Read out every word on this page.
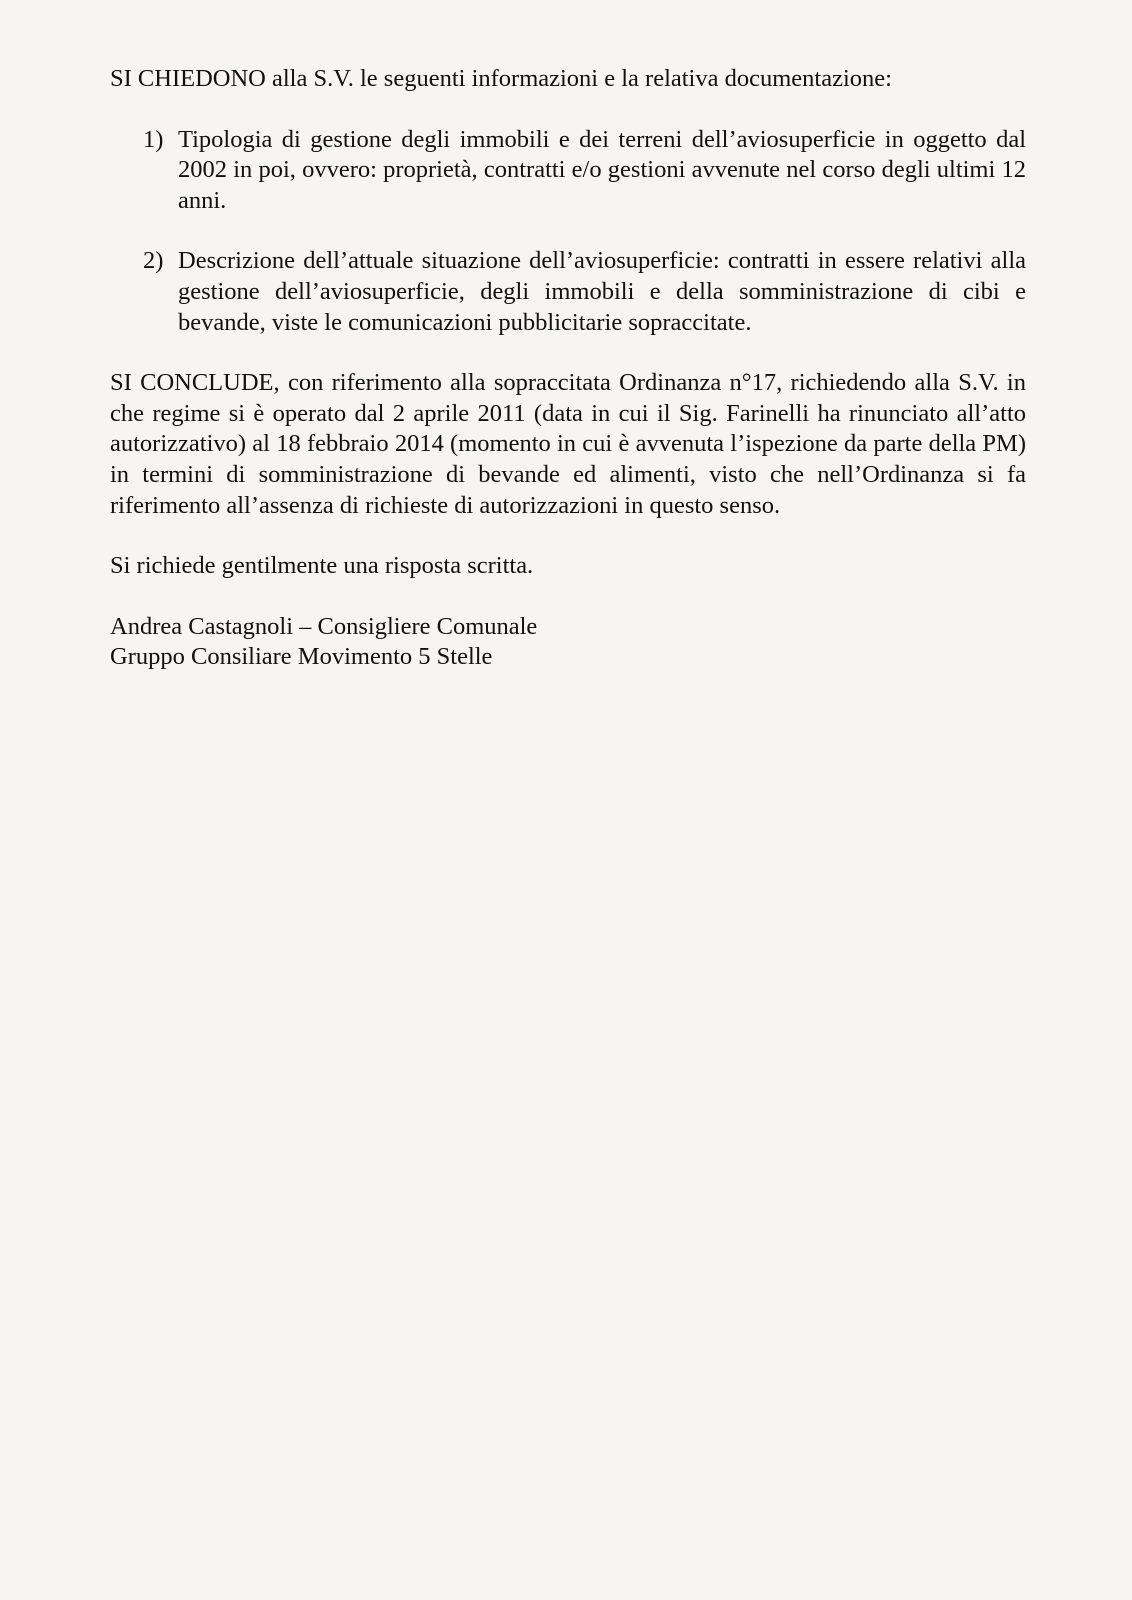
SI CHIEDONO alla S.V. le seguenti informazioni e la relativa documentazione:

1) Tipologia di gestione degli immobili e dei terreni dell’aviosuperficie in oggetto dal 2002 in poi, ovvero: proprietà, contratti e/o gestioni avvenute nel corso degli ultimi 12 anni.
2) Descrizione dell’attuale situazione dell’aviosuperficie: contratti in essere relativi alla gestione dell’aviosuperficie, degli immobili e della somministrazione di cibi e bevande, viste le comunicazioni pubblicitarie sopraccitate.

SI CONCLUDE, con riferimento alla sopraccitata Ordinanza n°17, richiedendo alla S.V. in che regime si è operato dal 2 aprile 2011 (data in cui il Sig. Farinelli ha rinunciato all’atto autorizzativo) al 18 febbraio 2014 (momento in cui è avvenuta l’ispezione da parte della PM) in termini di somministrazione di bevande ed alimenti, visto che nell’Ordinanza si fa riferimento all’assenza di richieste di autorizzazioni in questo senso.

Si richiede gentilmente una risposta scritta.

Andrea Castagnoli – Consigliere Comunale
Gruppo Consiliare Movimento 5 Stelle
